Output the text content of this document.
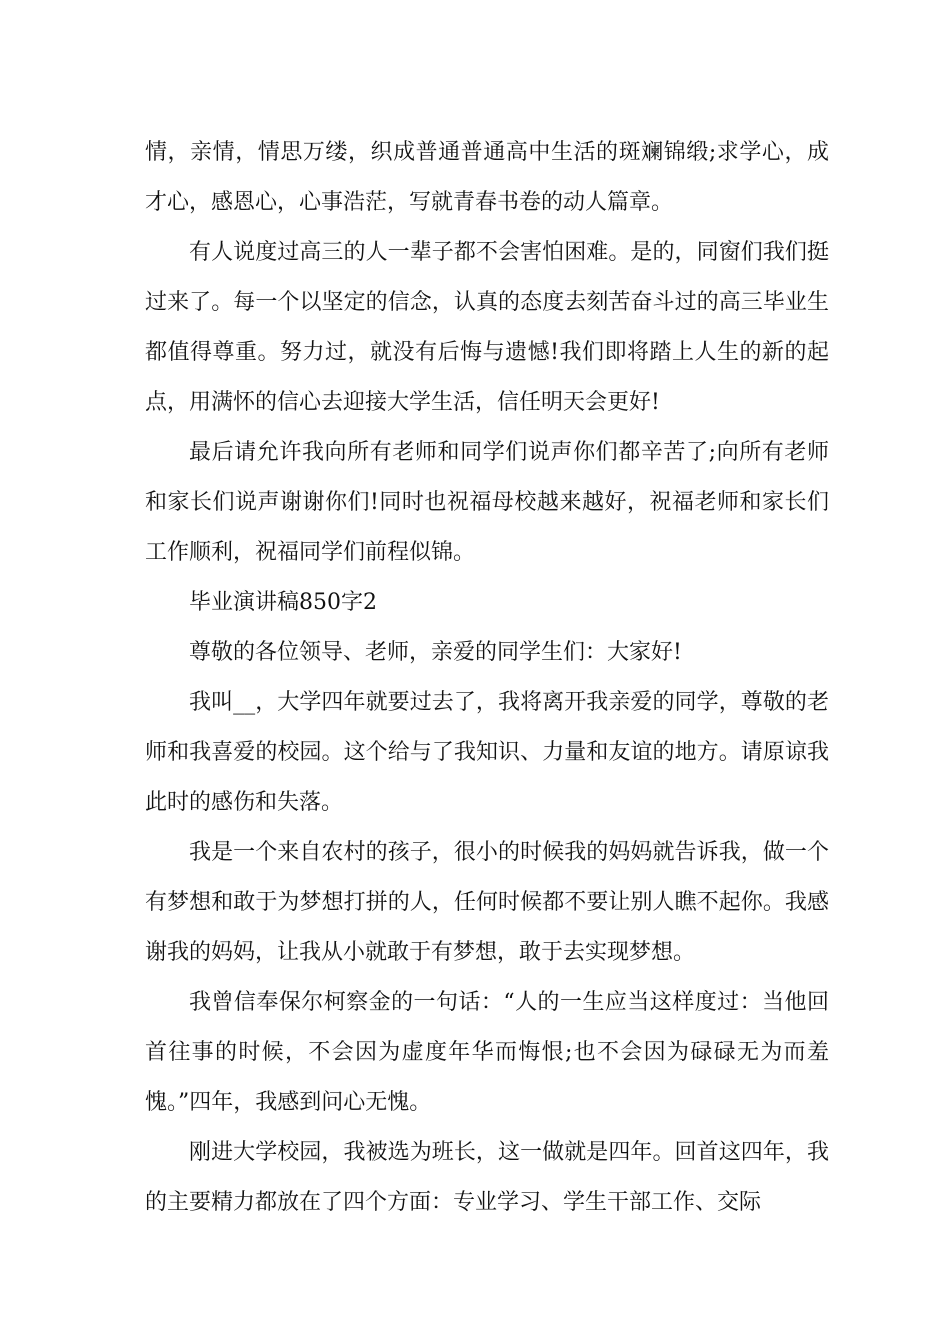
情，亲情，情思万缕，织成普通普通高中生活的斑斓锦缎;求学心，成才心，感恩心，心事浩茫，写就青春书卷的动人篇章。

有人说度过高三的人一辈子都不会害怕困难。是的，同窗们我们挺过来了。每一个以坚定的信念，认真的态度去刻苦奋斗过的高三毕业生都值得尊重。努力过，就没有后悔与遗憾!我们即将踏上人生的新的起点，用满怀的信心去迎接大学生活，信任明天会更好!

最后请允许我向所有老师和同学们说声你们都辛苦了;向所有老师和家长们说声谢谢你们!同时也祝福母校越来越好，祝福老师和家长们工作顺利，祝福同学们前程似锦。

毕业演讲稿850字2

尊敬的各位领导、老师，亲爱的同学生们：大家好!

我叫__，大学四年就要过去了，我将离开我亲爱的同学，尊敬的老师和我喜爱的校园。这个给与了我知识、力量和友谊的地方。请原谅我此时的感伤和失落。

我是一个来自农村的孩子，很小的时候我的妈妈就告诉我，做一个有梦想和敢于为梦想打拼的人，任何时候都不要让别人瞧不起你。我感谢我的妈妈，让我从小就敢于有梦想，敢于去实现梦想。

我曾信奉保尔柯察金的一句话：“人的一生应当这样度过：当他回首往事的时候，不会因为虚度年华而悔恨;也不会因为碌碌无为而羞愧。”四年，我感到问心无愧。

刚进大学校园，我被选为班长，这一做就是四年。回首这四年，我的主要精力都放在了四个方面：专业学习、学生干部工作、交际
